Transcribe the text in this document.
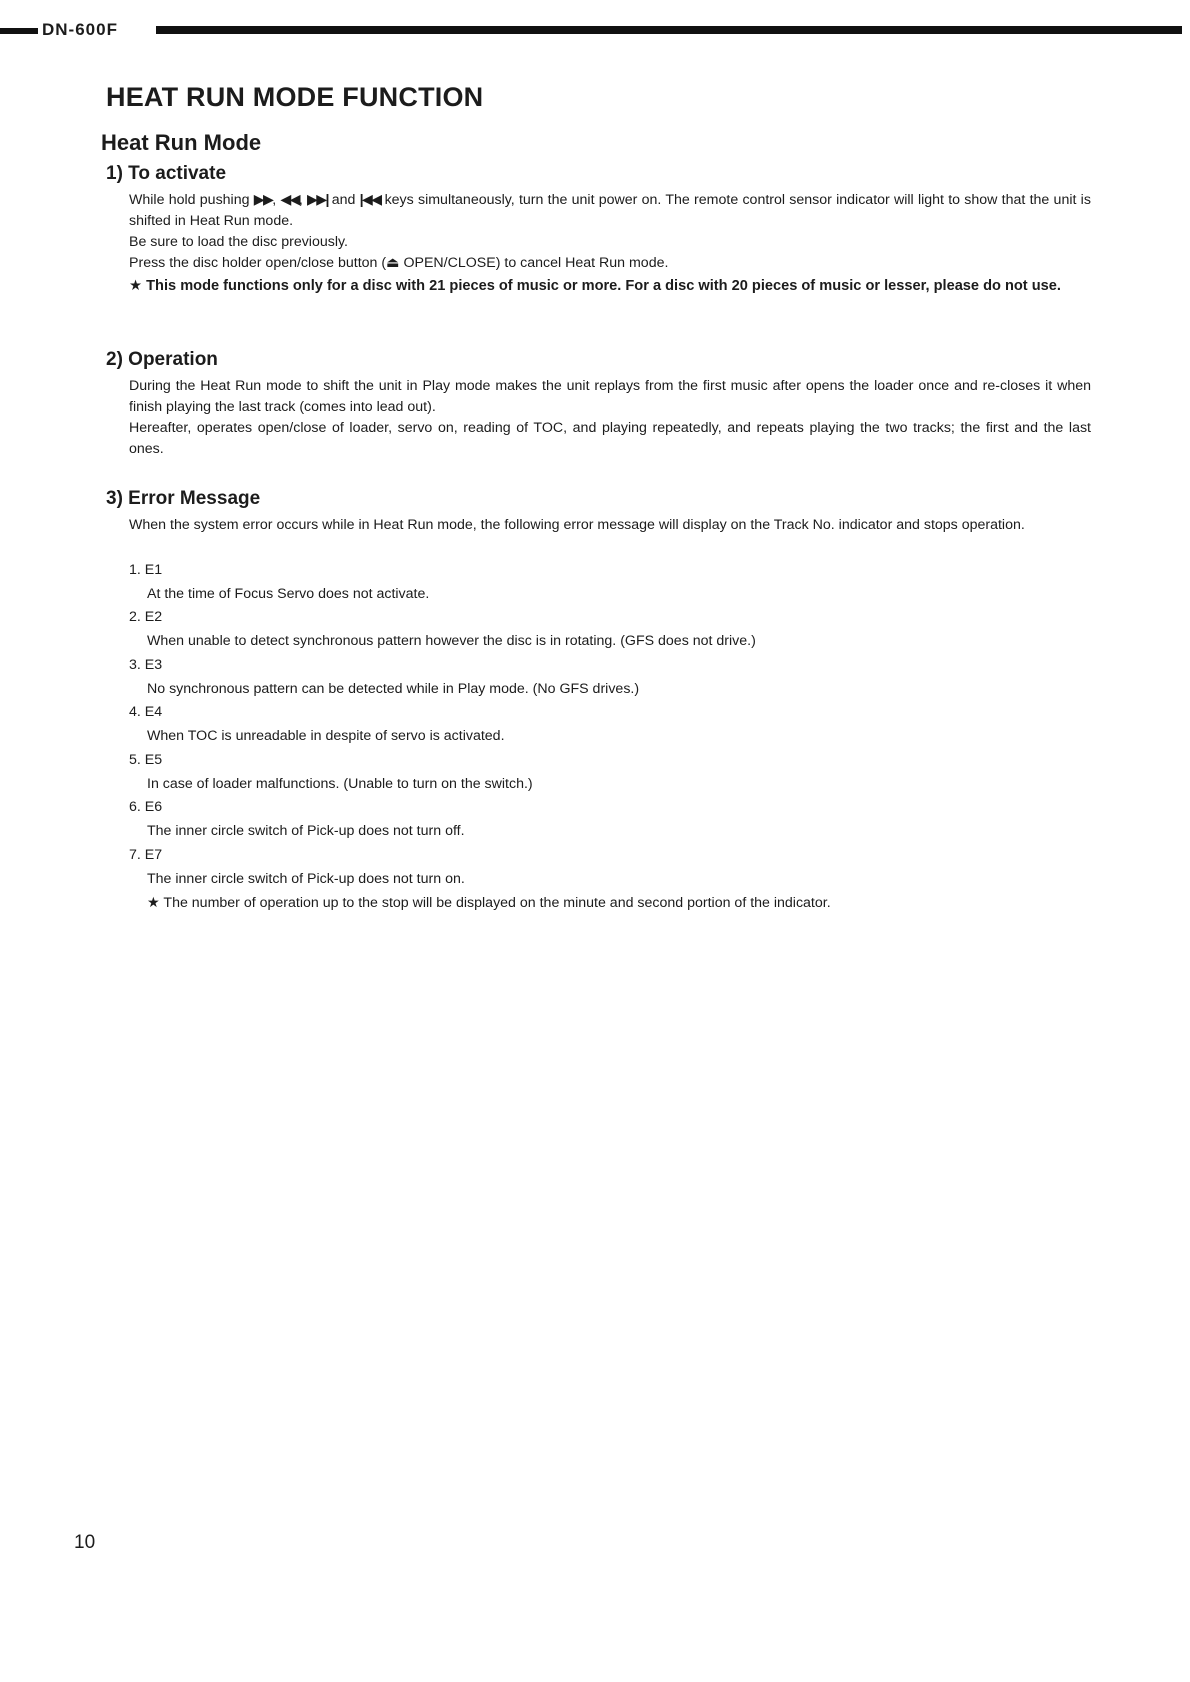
DN-600F
HEAT RUN MODE FUNCTION
Heat Run Mode
1) To activate

While hold pushing ▶▶, ◀◀, ▶▶| and |◀◀ keys simultaneously, turn the unit power on. The remote control sensor indicator will light to show that the unit is shifted in Heat Run mode.

Be sure to load the disc previously.

Press the disc holder open/close button (⏏ OPEN/CLOSE) to cancel Heat Run mode.

★ This mode functions only for a disc with 21 pieces of music or more. For a disc with 20 pieces of music or lesser, please do not use.

2) Operation

During the Heat Run mode to shift the unit in Play mode makes the unit replays from the first music after opens the loader once and re-closes it when finish playing the last track (comes into lead out).

Hereafter, operates open/close of loader, servo on, reading of TOC, and playing repeatedly, and repeats playing the two tracks; the first and the last ones.

3) Error Message

When the system error occurs while in Heat Run mode, the following error message will display on the Track No. indicator and stops operation.

1. E1
At the time of Focus Servo does not activate.
2. E2
When unable to detect synchronous pattern however the disc is in rotating. (GFS does not drive.)
3. E3
No synchronous pattern can be detected while in Play mode. (No GFS drives.)
4. E4
When TOC is unreadable in despite of servo is activated.
5. E5
In case of loader malfunctions. (Unable to turn on the switch.)
6. E6
The inner circle switch of Pick-up does not turn off.
7. E7
The inner circle switch of Pick-up does not turn on.
★ The number of operation up to the stop will be displayed on the minute and second portion of the indicator.
10
